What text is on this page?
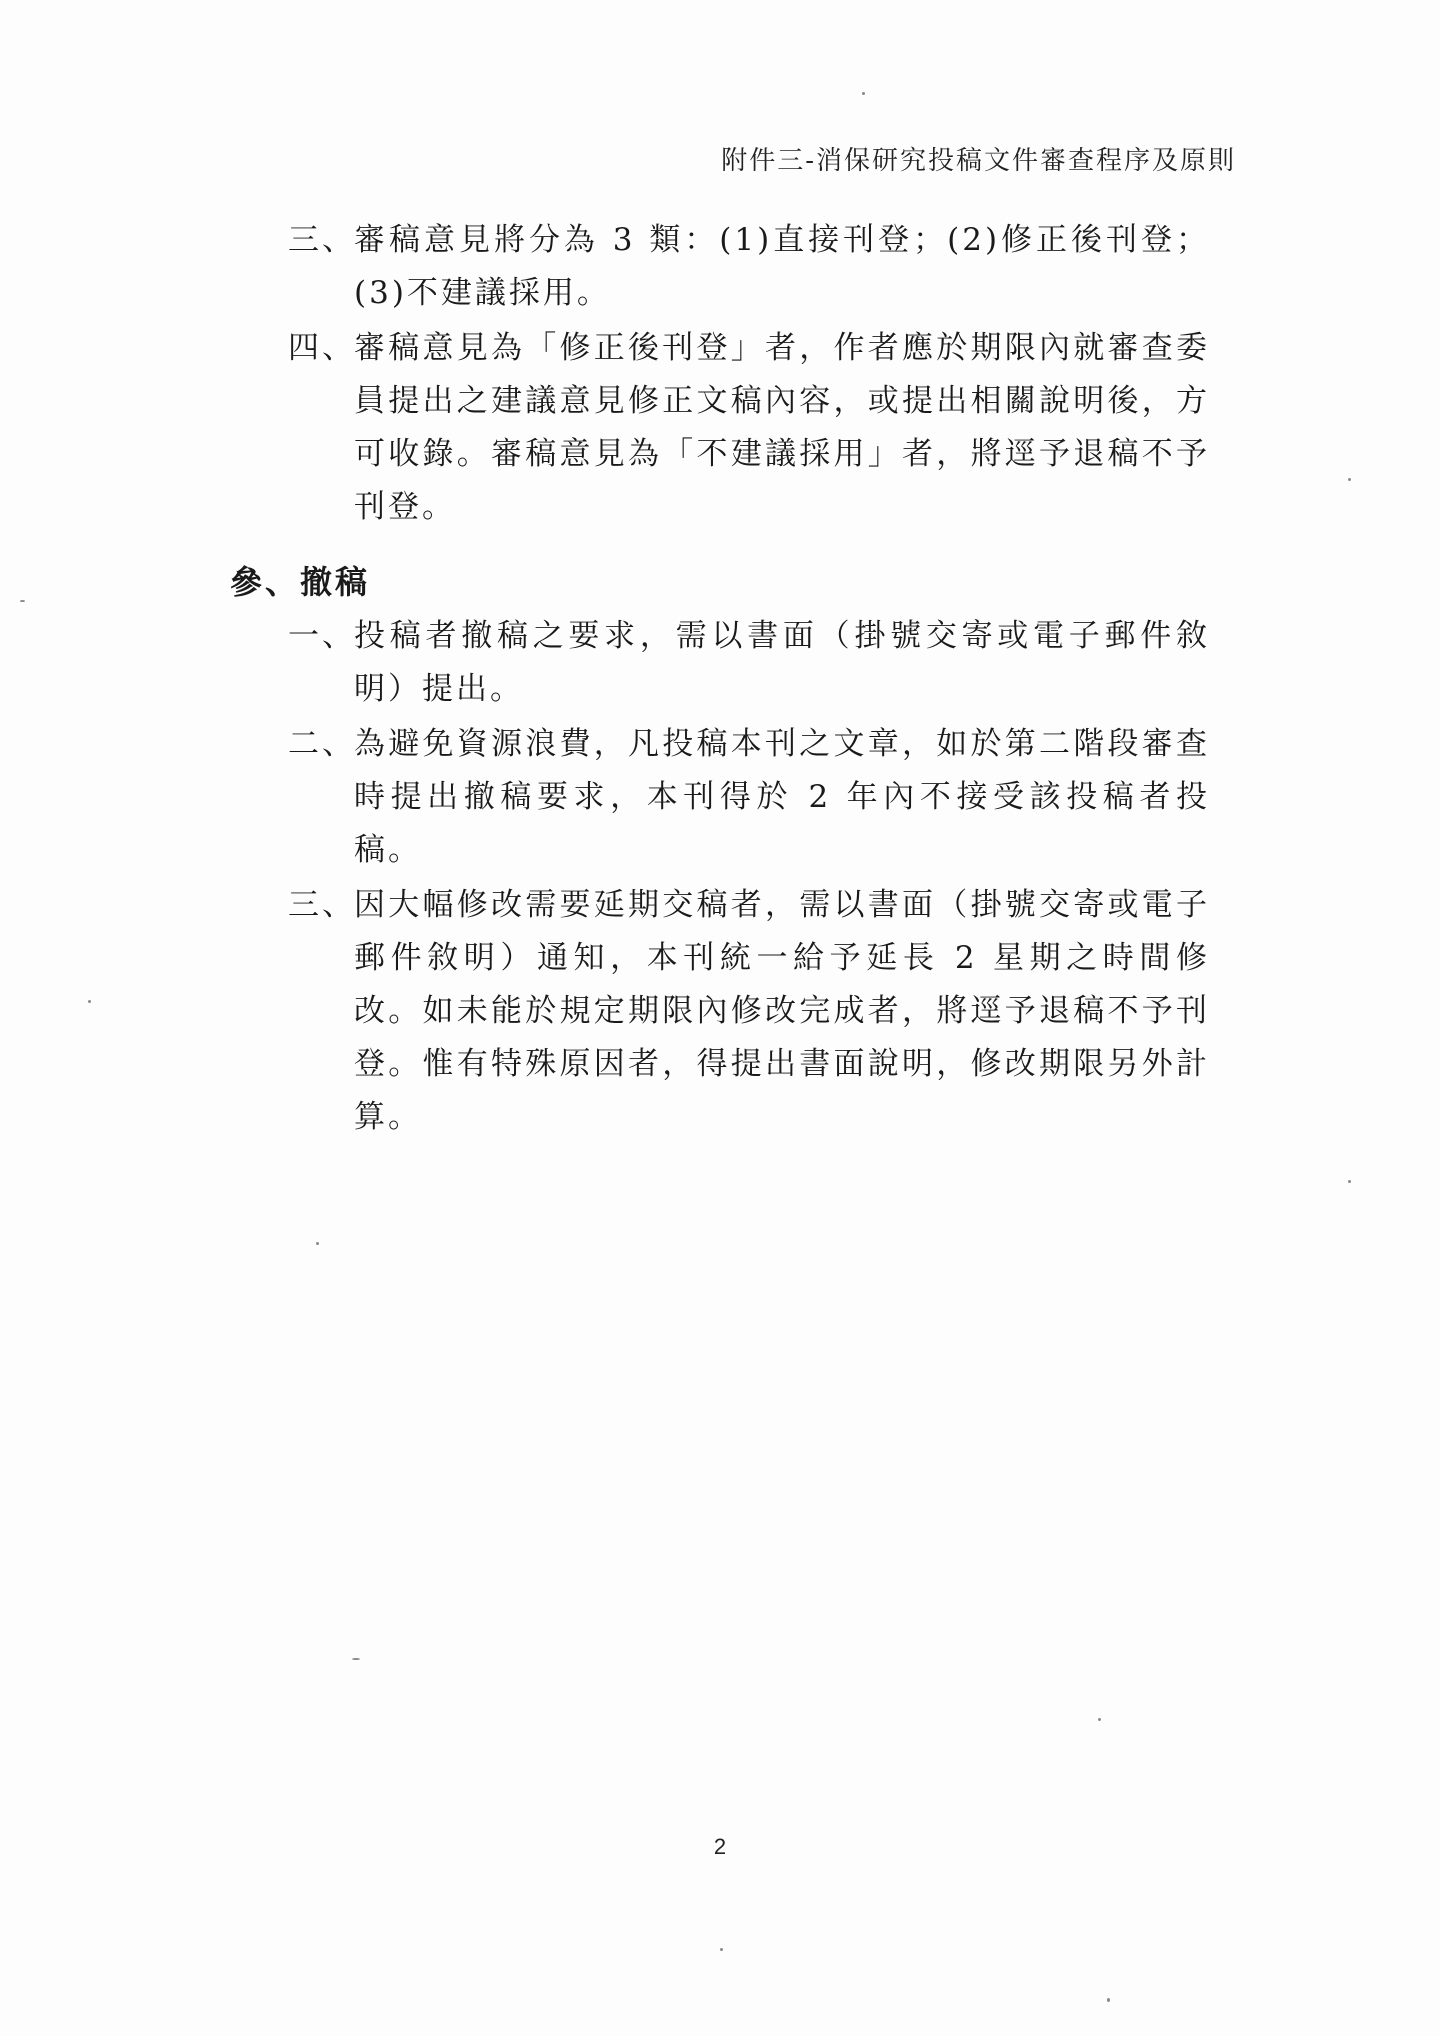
附件三-消保研究投稿文件審查程序及原則
三、
審稿意見將分為 3 類：(1)直接刊登；(2)修正後刊登；(3)不建議採用。
四、
審稿意見為「修正後刊登」者，作者應於期限內就審查委員提出之建議意見修正文稿內容，或提出相關說明後，方可收錄。審稿意見為「不建議採用」者，將逕予退稿不予刊登。
參、撤稿
一、
投稿者撤稿之要求，需以書面（掛號交寄或電子郵件敘明）提出。
二、
為避免資源浪費，凡投稿本刊之文章，如於第二階段審查時提出撤稿要求，本刊得於 2 年內不接受該投稿者投稿。
三、
因大幅修改需要延期交稿者，需以書面（掛號交寄或電子郵件敘明）通知，本刊統一給予延長 2 星期之時間修改。如未能於規定期限內修改完成者，將逕予退稿不予刊登。惟有特殊原因者，得提出書面說明，修改期限另外計算。
2
